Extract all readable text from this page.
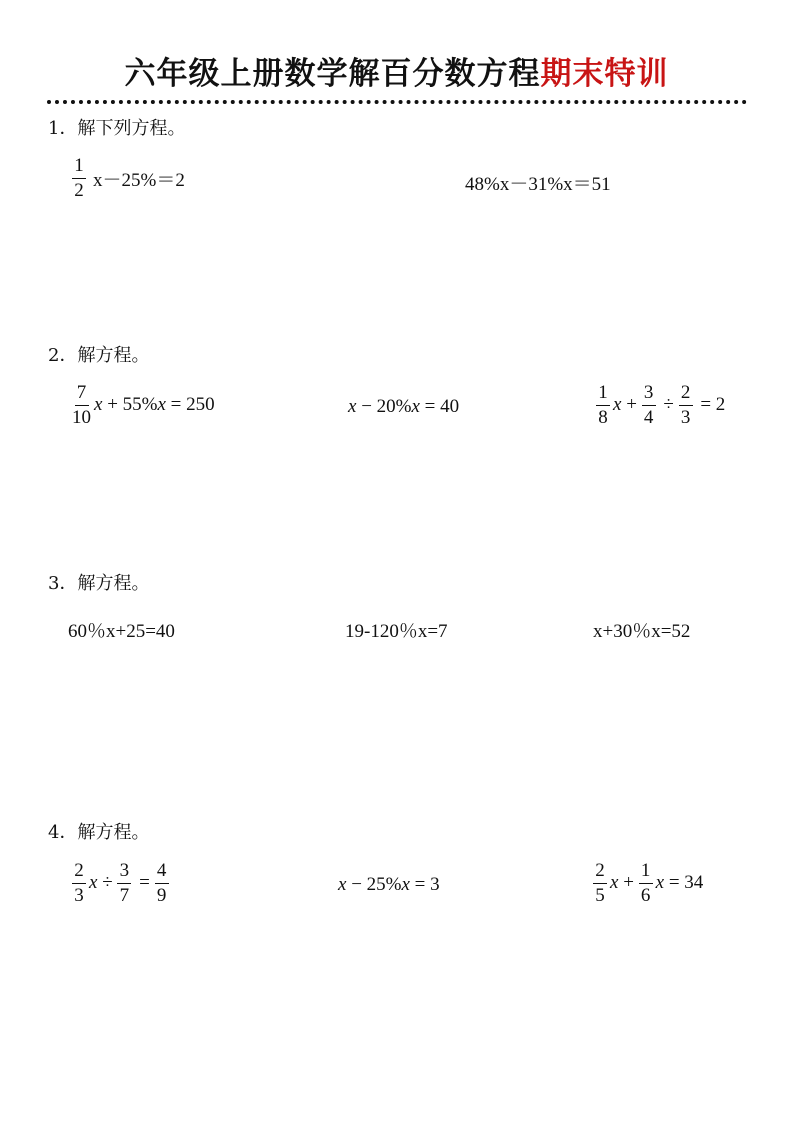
六年级上册数学解百分数方程期末特训
1．解下列方程。
$\frac{1}{2} x-25\%=2$	48%x－31%x＝51
2．解方程。
$\frac{7}{10}$ x + 55% x = 250	x − 20% x = 40	$\frac{1}{8}$ $x + \frac{3}{4} \div \frac{2}{3} = 2$
3．解方程。
60％x+25=40	19-120％x=7	x+30％x=52
4．解方程。
$\frac{2}{3}$ $x \div \frac{3}{7} = \frac{4}{9}$	x − 25% x = 3	$\frac{2}{5}$ $x + \frac{1}{6}$ x = 34
